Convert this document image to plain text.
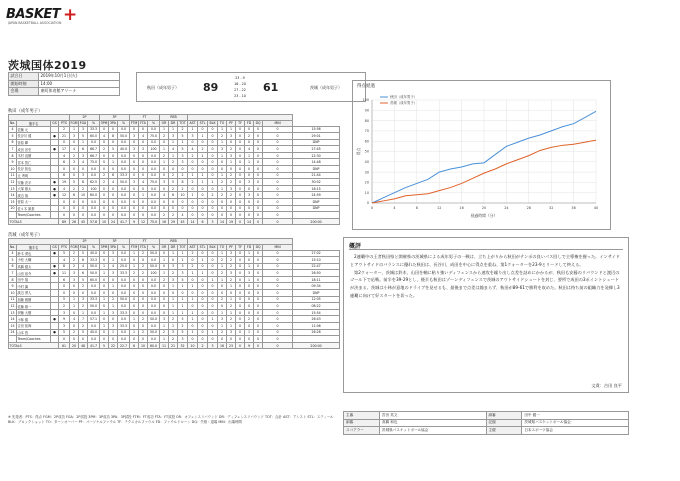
BASKET +
JAPAN BASKETBALL ASSOCIATION
茨城国体2019
試合日	2019年10月1日(火)
開始時刻	14:00
会場	東町体育館アリーナ
秋田（成年男子） 89
23 - 9
16 - 20
27 - 22
23 - 10
61	茨城（成年男子）
秋田（成年男子）
				2P			3P			FT			REB												
No.	選手名	GS	PTS	FGM	FGA	%	3PM	3PA	%	FTM	FTA	%	OR	DR	TOT	AST	STL	BLK	TO	PF	TF	FD	DQ	MIN	
4	佐藤 元		2	1	3	33.3	0	0	0.0	0	0	0.0	1	1	2	1	0	0	1	1	0	0	0	0	15:56
5	長谷川 健	●	21	3	5	60.0	4	8	50.0	3	4	75.0	2	3	5	3	1	0	2	3	0	2	0	0	29:01
6	菅原 暉		0	0	1	0.0	0	0	0.0	0	0	0.0	0	1	1	0	0	0	1	0	0	0	0	0	DNP
7	成田 崇史	●	17	4	6	66.7	2	5	40.0	3	3	100	1	4	5	4	2	0	3	2	0	4	0	0	27:45
8	木村 直樹		4	2	3	66.7	0	0	0.0	0	0	0.0	2	1	3	2	1	0	1	3	0	1	0	0	22:30
9	宮本 智仁		6	3	4	75.0	0	1	0.0	0	0	0.0	1	2	3	0	0	0	0	1	0	1	0	0	14:48
10	長谷 拓也		0	0	0	0.0	0	0	0.0	0	0	0.0	0	0	0	0	0	0	0	0	0	0	0	0	DNP
11	辻 秀明		6	0	3	0.0	2	6	33.3	0	0	0.0	0	2	2	1	1	0	1	2	0	0	0	0	21:44
12	安藤 亮平	●	19	5	8	62.5	2	4	50.0	3	4	75.0	3	5	8	2	1	1	2	2	0	3	0	0	30:02
13	大塚 雄太	●	4	2	2	100	0	0	0.0	0	0	0.0	0	2	2	0	0	0	1	3	0	0	0	0	18:15
14	渡辺 翔	●	12	6	10	60.0	0	0	0.0	0	1	0.0	4	6	10	1	0	2	2	2	0	3	0	0	24:59
15	菅原 太一		0	0	0	0.0	0	0	0.0	0	0	0.0	0	0	0	0	0	0	0	0	0	0	0	0	DNP
20	佐々木 雄基		0	0	0	0.0	0	0	0.0	0	0	0.0	0	0	0	0	0	0	0	0	0	0	0	0	DNP
	Team/Coaches		0	0	0	0.0	0	0	0.0	0	0	0.0	2	2	4	0	0	0	0	0	0	0	0	0	
TOTALS			89	26	45	57.8	10	24	41.7	9	12	75.0	16	29	45	14	6	3	14	19	0	14	0	0	200:00
茨城（成年男子）
				2P			3P			FT			REB												
No.	選手名	GS	PTS	FGM	FGA	%	3PM	3PA	%	FTM	FTA	%	OR	DR	TOT	AST	STL	BLK	TO	PF	TF	FD	DQ	MIN	
4	鈴木 勇也	●	5	2	5	40.0	0	3	0.0	1	2	50.0	0	1	1	2	0	0	1	3	0	1	0	0	27:02
5	小松 大輔		4	2	6	33.3	0	1	0.0	0	0	0.0	1	0	1	0	1	0	2	2	0	0	0	0	15:10
6	高橋 健太	●	8	2	4	50.0	1	4	25.0	1	2	50.0	0	3	3	2	0	0	1	2	0	1	0	0	22:47
7	山田 裕介	●	11	3	6	50.0	1	3	33.3	2	2	100	1	2	3	1	1	0	2	3	0	3	0	0	26:50
8	田中 翔		6	3	5	60.0	0	0	0.0	0	0	0.0	2	3	5	0	0	1	1	2	0	1	0	0	18:11
9	中村 翼		0	0	2	0.0	0	1	0.0	0	0	0.0	0	1	1	1	0	0	0	1	0	0	0	0	09:34
10	渡辺 勇人		0	0	0	0.0	0	0	0.0	0	0	0.0	0	0	0	0	0	0	0	0	0	0	0	0	DNP
11	加藤 雅樹		5	1	3	33.3	1	2	50.0	0	0	0.0	0	1	1	1	0	0	2	1	0	0	0	0	12:05
12	佐藤 雄一		2	1	2	50.0	0	1	0.0	0	0	0.0	0	1	1	0	0	0	0	2	0	0	0	0	08:22
13	伊藤 大樹		3	0	1	0.0	1	3	33.3	0	0	0.0	0	1	1	1	0	0	1	1	0	0	0	0	15:54
14	小林 健	●	9	4	7	57.1	0	0	0.0	1	2	50.0	3	2	5	1	0	1	3	2	0	2	0	0	26:43
15	吉田 拓海		3	0	2	0.0	1	3	33.3	0	0	0.0	1	1	2	0	0	0	1	1	0	0	0	0	11:06
24	山本 悠	●	5	2	5	40.0	0	1	0.0	1	2	50.0	2	3	5	1	0	1	2	3	0	1	0	0	26:26
	Team/Coaches		0	0	0	0.0	0	0	0.0	0	0	0.0	1	2	3	0	0	0	0	0	0	0	0	0	
TOTALS			61	20	48	41.7	5	22	22.7	6	10	60.0	11	21	32	10	2	3	16	23	0	9	0	0	200:00
※ 先発者：PTS：得点 FGM：2P成功 FGA：2P試投 3PM：3P成功 3PA：3P試投 FTM：FT成功 FTA：FT試投 OR：オフェンスリバウンド DR：ディフェンスリバウンド TOT：合計 AST：アシスト STL：スティール BLK：ブロックショット TO：ターンオーバー PF：パーソナルファウル TF：テクニカルファウル FD：ファウルドローン DQ：失格・退場 MIN：出場時間
得点経過
0
10
20
30
40
50
60
70
80
90
100
0	4	8	12	16	20	24	28	32	36	40
経過時間（分）
得点
秋田（成年男子）
茨城（成年男子）
概評

2連覇中の王者秋田県と開催県の茨城県による成年男子の一戦は、立ち上がりから秋田がテンポの良いパス回しで主導権を握った。インサイドとアウトサイドのバランスに優れた秋田は、長谷川、成田を中心に得点を重ね、第1クォーターを23-9とリードして終える。

第2クォーター、茨城は鈴木、山田を軸に粘り強いディフェンスから速攻を繰り出し点差を詰めにかかるが、秋田も安藤のリバウンドと渡辺のゴール下で応戦。前半を39-29とし、後半も秋田はゾーンディフェンスで茨城のアウトサイドシュートを封じ、要所で成田の3ポイントシュートが決まる。茨城は小林が意地のドライブを見せるも、最後まで点差は縮まらず、秋田が89-61で勝利を収めた。秋田は持ち前の組織力を発揮し3連覇に向けて好スタートを切った。

文責：吉田 良平
主審	宮田 英文	副審	田中 健一
副審	高橋 和也	記録	茨城県バスケットボール協会
スコアラー	茨城県バスケットボール協会	主催	日本スポーツ協会
